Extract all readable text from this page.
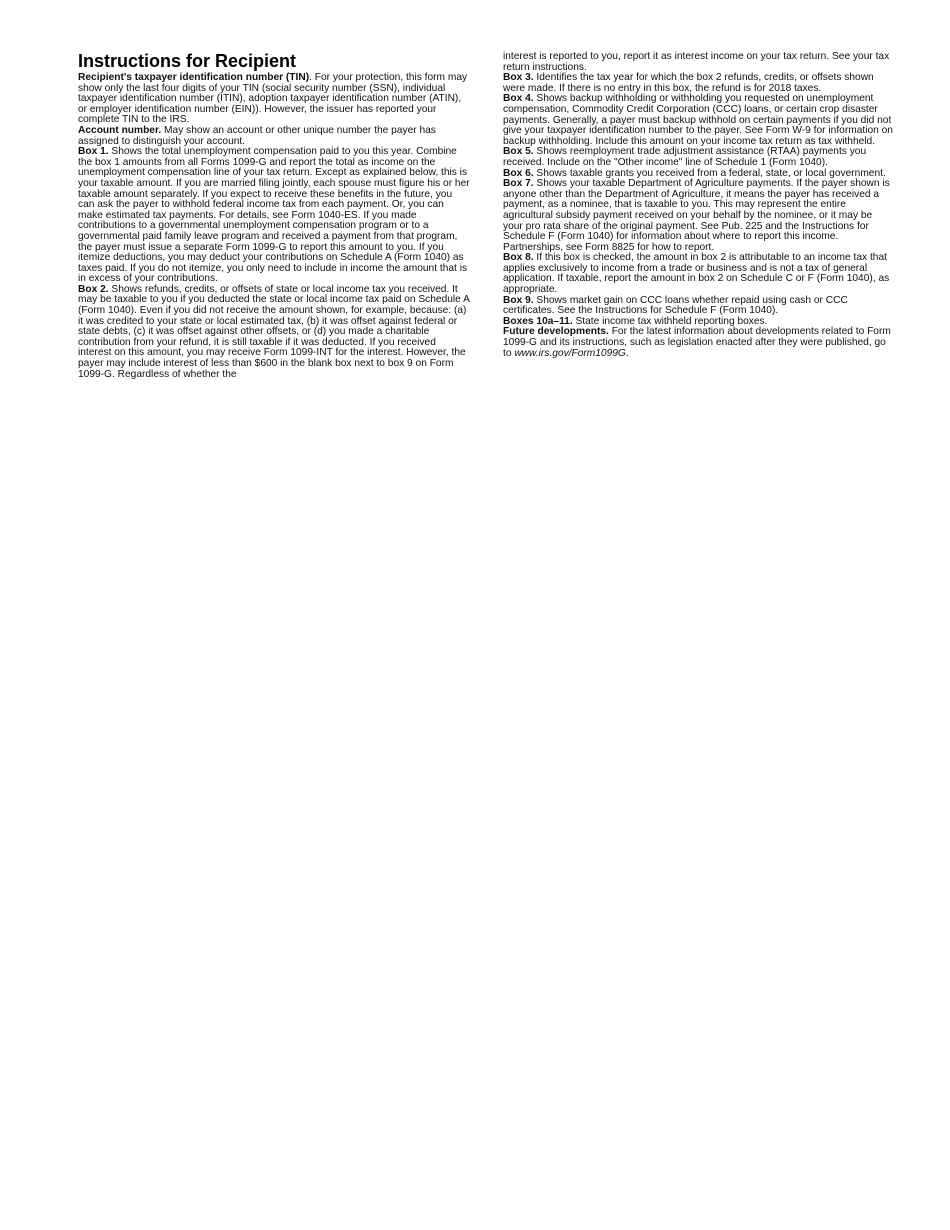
Instructions for Recipient

Recipient's taxpayer identification number (TIN). For your protection, this form may show only the last four digits of your TIN (social security number (SSN), individual taxpayer identification number (ITIN), adoption taxpayer identification number (ATIN), or employer identification number (EIN)). However, the issuer has reported your complete TIN to the IRS.

Account number. May show an account or other unique number the payer has assigned to distinguish your account.

Box 1. Shows the total unemployment compensation paid to you this year. Combine the box 1 amounts from all Forms 1099-G and report the total as income on the unemployment compensation line of your tax return. Except as explained below, this is your taxable amount. If you are married filing jointly, each spouse must figure his or her taxable amount separately. If you expect to receive these benefits in the future, you can ask the payer to withhold federal income tax from each payment. Or, you can make estimated tax payments. For details, see Form 1040-ES. If you made contributions to a governmental unemployment compensation program or to a governmental paid family leave program and received a payment from that program, the payer must issue a separate Form 1099-G to report this amount to you. If you itemize deductions, you may deduct your contributions on Schedule A (Form 1040) as taxes paid. If you do not itemize, you only need to include in income the amount that is in excess of your contributions.

Box 2. Shows refunds, credits, or offsets of state or local income tax you received. It may be taxable to you if you deducted the state or local income tax paid on Schedule A (Form 1040). Even if you did not receive the amount shown, for example, because: (a) it was credited to your state or local estimated tax, (b) it was offset against federal or state debts, (c) it was offset against other offsets, or (d) you made a charitable contribution from your refund, it is still taxable if it was deducted. If you received interest on this amount, you may receive Form 1099-INT for the interest. However, the payer may include interest of less than $600 in the blank box next to box 9 on Form 1099-G. Regardless of whether the

interest is reported to you, report it as interest income on your tax return. See your tax return instructions.

Box 3. Identifies the tax year for which the box 2 refunds, credits, or offsets shown were made. If there is no entry in this box, the refund is for 2018 taxes.

Box 4. Shows backup withholding or withholding you requested on unemployment compensation, Commodity Credit Corporation (CCC) loans, or certain crop disaster payments. Generally, a payer must backup withhold on certain payments if you did not give your taxpayer identification number to the payer. See Form W-9 for information on backup withholding. Include this amount on your income tax return as tax withheld.

Box 5. Shows reemployment trade adjustment assistance (RTAA) payments you received. Include on the "Other income" line of Schedule 1 (Form 1040).

Box 6. Shows taxable grants you received from a federal, state, or local government.

Box 7. Shows your taxable Department of Agriculture payments. If the payer shown is anyone other than the Department of Agriculture, it means the payer has received a payment, as a nominee, that is taxable to you. This may represent the entire agricultural subsidy payment received on your behalf by the nominee, or it may be your pro rata share of the original payment. See Pub. 225 and the Instructions for Schedule F (Form 1040) for information about where to report this income. Partnerships, see Form 8825 for how to report.

Box 8. If this box is checked, the amount in box 2 is attributable to an income tax that applies exclusively to income from a trade or business and is not a tax of general application. If taxable, report the amount in box 2 on Schedule C or F (Form 1040), as appropriate.

Box 9. Shows market gain on CCC loans whether repaid using cash or CCC certificates. See the Instructions for Schedule F (Form 1040).

Boxes 10a–11. State income tax withheld reporting boxes.

Future developments. For the latest information about developments related to Form 1099-G and its instructions, such as legislation enacted after they were published, go to www.irs.gov/Form1099G.
